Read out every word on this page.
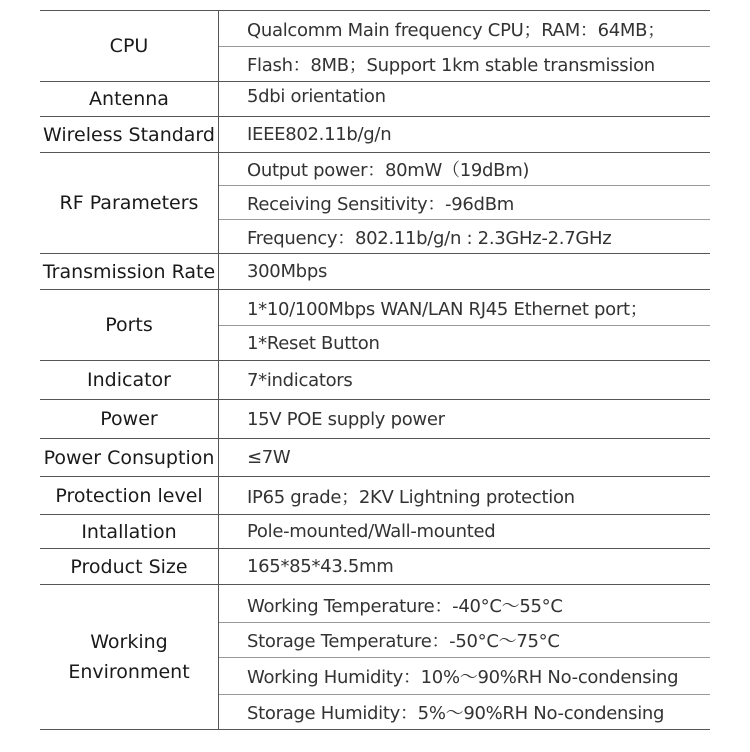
CPU	Qualcomm Main frequency CPU；RAM：64MB；
	Flash：8MB；Support 1km stable transmission
Antenna	5dbi orientation
Wireless Standard	IEEE802.11b/g/n
RF Parameters	Output power：80mW（19dBm)
	Receiving Sensitivity：-96dBm
	Frequency：802.11b/g/n : 2.3GHz-2.7GHz
Transmission Rate	300Mbps
Ports	1*10/100Mbps WAN/LAN RJ45 Ethernet port；
	1*Reset Button
Indicator	7*indicators
Power	15V POE supply power
Power Consuption	≤7W
Protection level	IP65 grade；2KV Lightning protection
Intallation	Pole-mounted/Wall-mounted
Product Size	165*85*43.5mm
Working Environment	Working Temperature：-40°C～55°C
	Storage Temperature：-50°C～75°C
	Working Humidity：10%～90%RH No-condensing
	Storage Humidity：5%～90%RH No-condensing
